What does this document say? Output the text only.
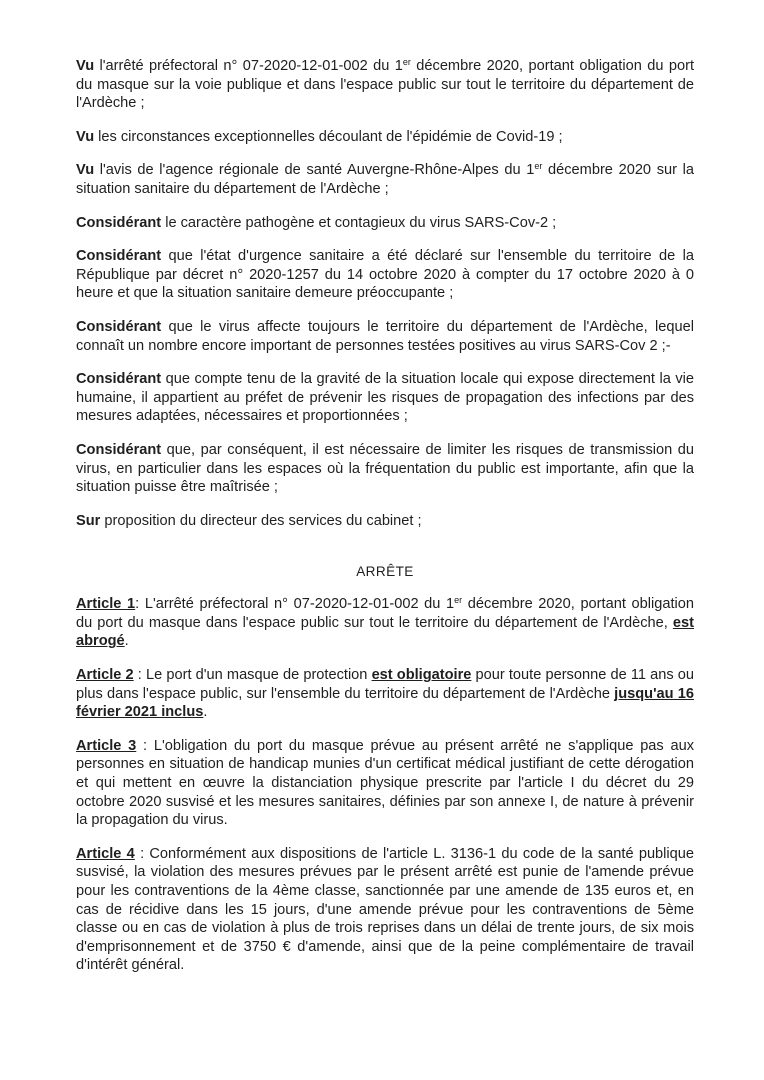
Vu l'arrêté préfectoral n° 07-2020-12-01-002 du 1er décembre 2020, portant obligation du port du masque sur la voie publique et dans l'espace public sur tout le territoire du département de l'Ardèche ;

Vu les circonstances exceptionnelles découlant de l'épidémie de Covid-19 ;

Vu l'avis de l'agence régionale de santé Auvergne-Rhône-Alpes du 1er décembre 2020 sur la situation sanitaire du département de l'Ardèche ;

Considérant le caractère pathogène et contagieux du virus SARS-Cov-2 ;

Considérant que l'état d'urgence sanitaire a été déclaré sur l'ensemble du territoire de la République par décret n° 2020-1257 du 14 octobre 2020 à compter du 17 octobre 2020 à 0 heure et que la situation sanitaire demeure préoccupante ;

Considérant que le virus affecte toujours le territoire du département de l'Ardèche, lequel connaît un nombre encore important de personnes testées positives au virus SARS-Cov 2 ;-

Considérant que compte tenu de la gravité de la situation locale qui expose directement la vie humaine, il appartient au préfet de prévenir les risques de propagation des infections par des mesures adaptées, nécessaires et proportionnées ;

Considérant que, par conséquent, il est nécessaire de limiter les risques de transmission du virus, en particulier dans les espaces où la fréquentation du public est importante, afin que la situation puisse être maîtrisée ;

Sur proposition du directeur des services du cabinet ;

ARRÊTE

Article 1: L'arrêté préfectoral n° 07-2020-12-01-002 du 1er décembre 2020, portant obligation du port du masque dans l'espace public sur tout le territoire du département de l'Ardèche, est abrogé.

Article 2 : Le port d'un masque de protection est obligatoire pour toute personne de 11 ans ou plus dans l'espace public, sur l'ensemble du territoire du département de l'Ardèche jusqu'au 16 février 2021 inclus.

Article 3 : L'obligation du port du masque prévue au présent arrêté ne s'applique pas aux personnes en situation de handicap munies d'un certificat médical justifiant de cette dérogation et qui mettent en œuvre la distanciation physique prescrite par l'article I du décret du 29 octobre 2020 susvisé et les mesures sanitaires, définies par son annexe I, de nature à prévenir la propagation du virus.

Article 4 : Conformément aux dispositions de l'article L. 3136-1 du code de la santé publique susvisé, la violation des mesures prévues par le présent arrêté est punie de l'amende prévue pour les contraventions de la 4ème classe, sanctionnée par une amende de 135 euros et, en cas de récidive dans les 15 jours, d'une amende prévue pour les contraventions de 5ème classe ou en cas de violation à plus de trois reprises dans un délai de trente jours, de six mois d'emprisonnement et de 3750 € d'amende, ainsi que de la peine complémentaire de travail d'intérêt général.
